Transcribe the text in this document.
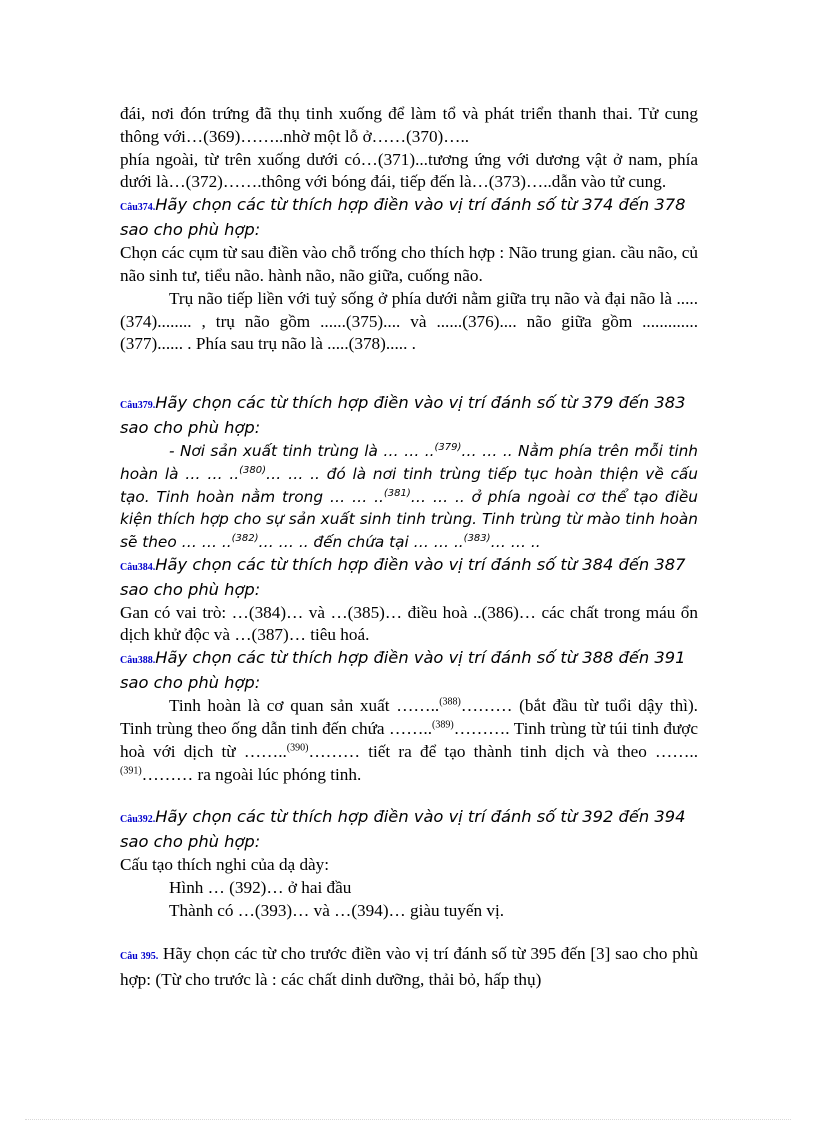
đái, nơi đón trứng đã thụ tinh xuống để làm tổ và phát triển thanh thai. Tử cung thông với…(369)……..nhờ một lỗ ở……(370)…..

phía ngoài, từ trên xuống dưới có…(371)...tương ứng với dương vật ở nam, phía dưới là…(372)…….thông với bóng đái, tiếp đến là…(373)…..dẫn vào tử cung.

Câu374.Hãy chọn các từ thích hợp điền vào vị trí đánh số từ 374 đến 378 sao cho phù hợp:

Chọn các cụm từ sau điền vào chỗ trống cho thích hợp : Não trung gian. cầu não, củ não sinh tư, tiểu não. hành não, não giữa, cuống não.

Trụ não tiếp liền với tuỷ sống ở phía dưới nằm giữa trụ não và đại não là .....(374)........ , trụ não gồm ......(375).... và ......(376).... não giữa gồm .............(377)...... . Phía sau trụ não là .....(378)..... .

Câu379.Hãy chọn các từ thích hợp điền vào vị trí đánh số từ 379 đến 383 sao cho phù hợp:

- Nơi sản xuất tinh trùng là … … ..$^{(379)}$… … .. Nằm phía trên mỗi tinh hoàn là … … ..$^{(380)}$… … .. đó là nơi tinh trùng tiếp tục hoàn thiện về cấu tạo. Tinh hoàn nằm trong … … ..$^{(381)}$… … .. ở phía ngoài cơ thể tạo điều kiện thích hợp cho sự sản xuất sinh tinh trùng. Tinh trùng từ mào tinh hoàn sẽ theo … … ..$^{(382)}$… … .. đến chứa tại … … ..$^{(383)}$… … ..

Câu384.Hãy chọn các từ thích hợp điền vào vị trí đánh số từ 384 đến 387 sao cho phù hợp:

Gan có vai trò: …(384)… và …(385)… điều hoà ..(386)… các chất trong máu ổn dịch khử độc và …(387)… tiêu hoá.

Câu388.Hãy chọn các từ thích hợp điền vào vị trí đánh số từ 388 đến 391 sao cho phù hợp:

Tinh hoàn là cơ quan sản xuất ……..$^{(388)}$……… (bắt đầu từ tuổi dậy thì). Tinh trùng theo ống dẫn tinh đến chứa ……..$^{(389)}$………. Tinh trùng từ túi tinh được hoà với dịch từ ……..$^{(390)}$……… tiết ra để tạo thành tinh dịch và theo ……..$^{(391)}$……… ra ngoài lúc phóng tinh.

Câu392.Hãy chọn các từ thích hợp điền vào vị trí đánh số từ 392 đến 394 sao cho phù hợp:

Cấu tạo thích nghi của dạ dày:

Hình … (392)… ở hai đầu

Thành có …(393)… và …(394)… giàu tuyến vị.

Câu 395. Hãy chọn các từ cho trước điền vào vị trí đánh số từ 395 đến [3] sao cho phù hợp: (Từ cho trước là : các chất dinh dưỡng, thải bỏ, hấp thụ)
